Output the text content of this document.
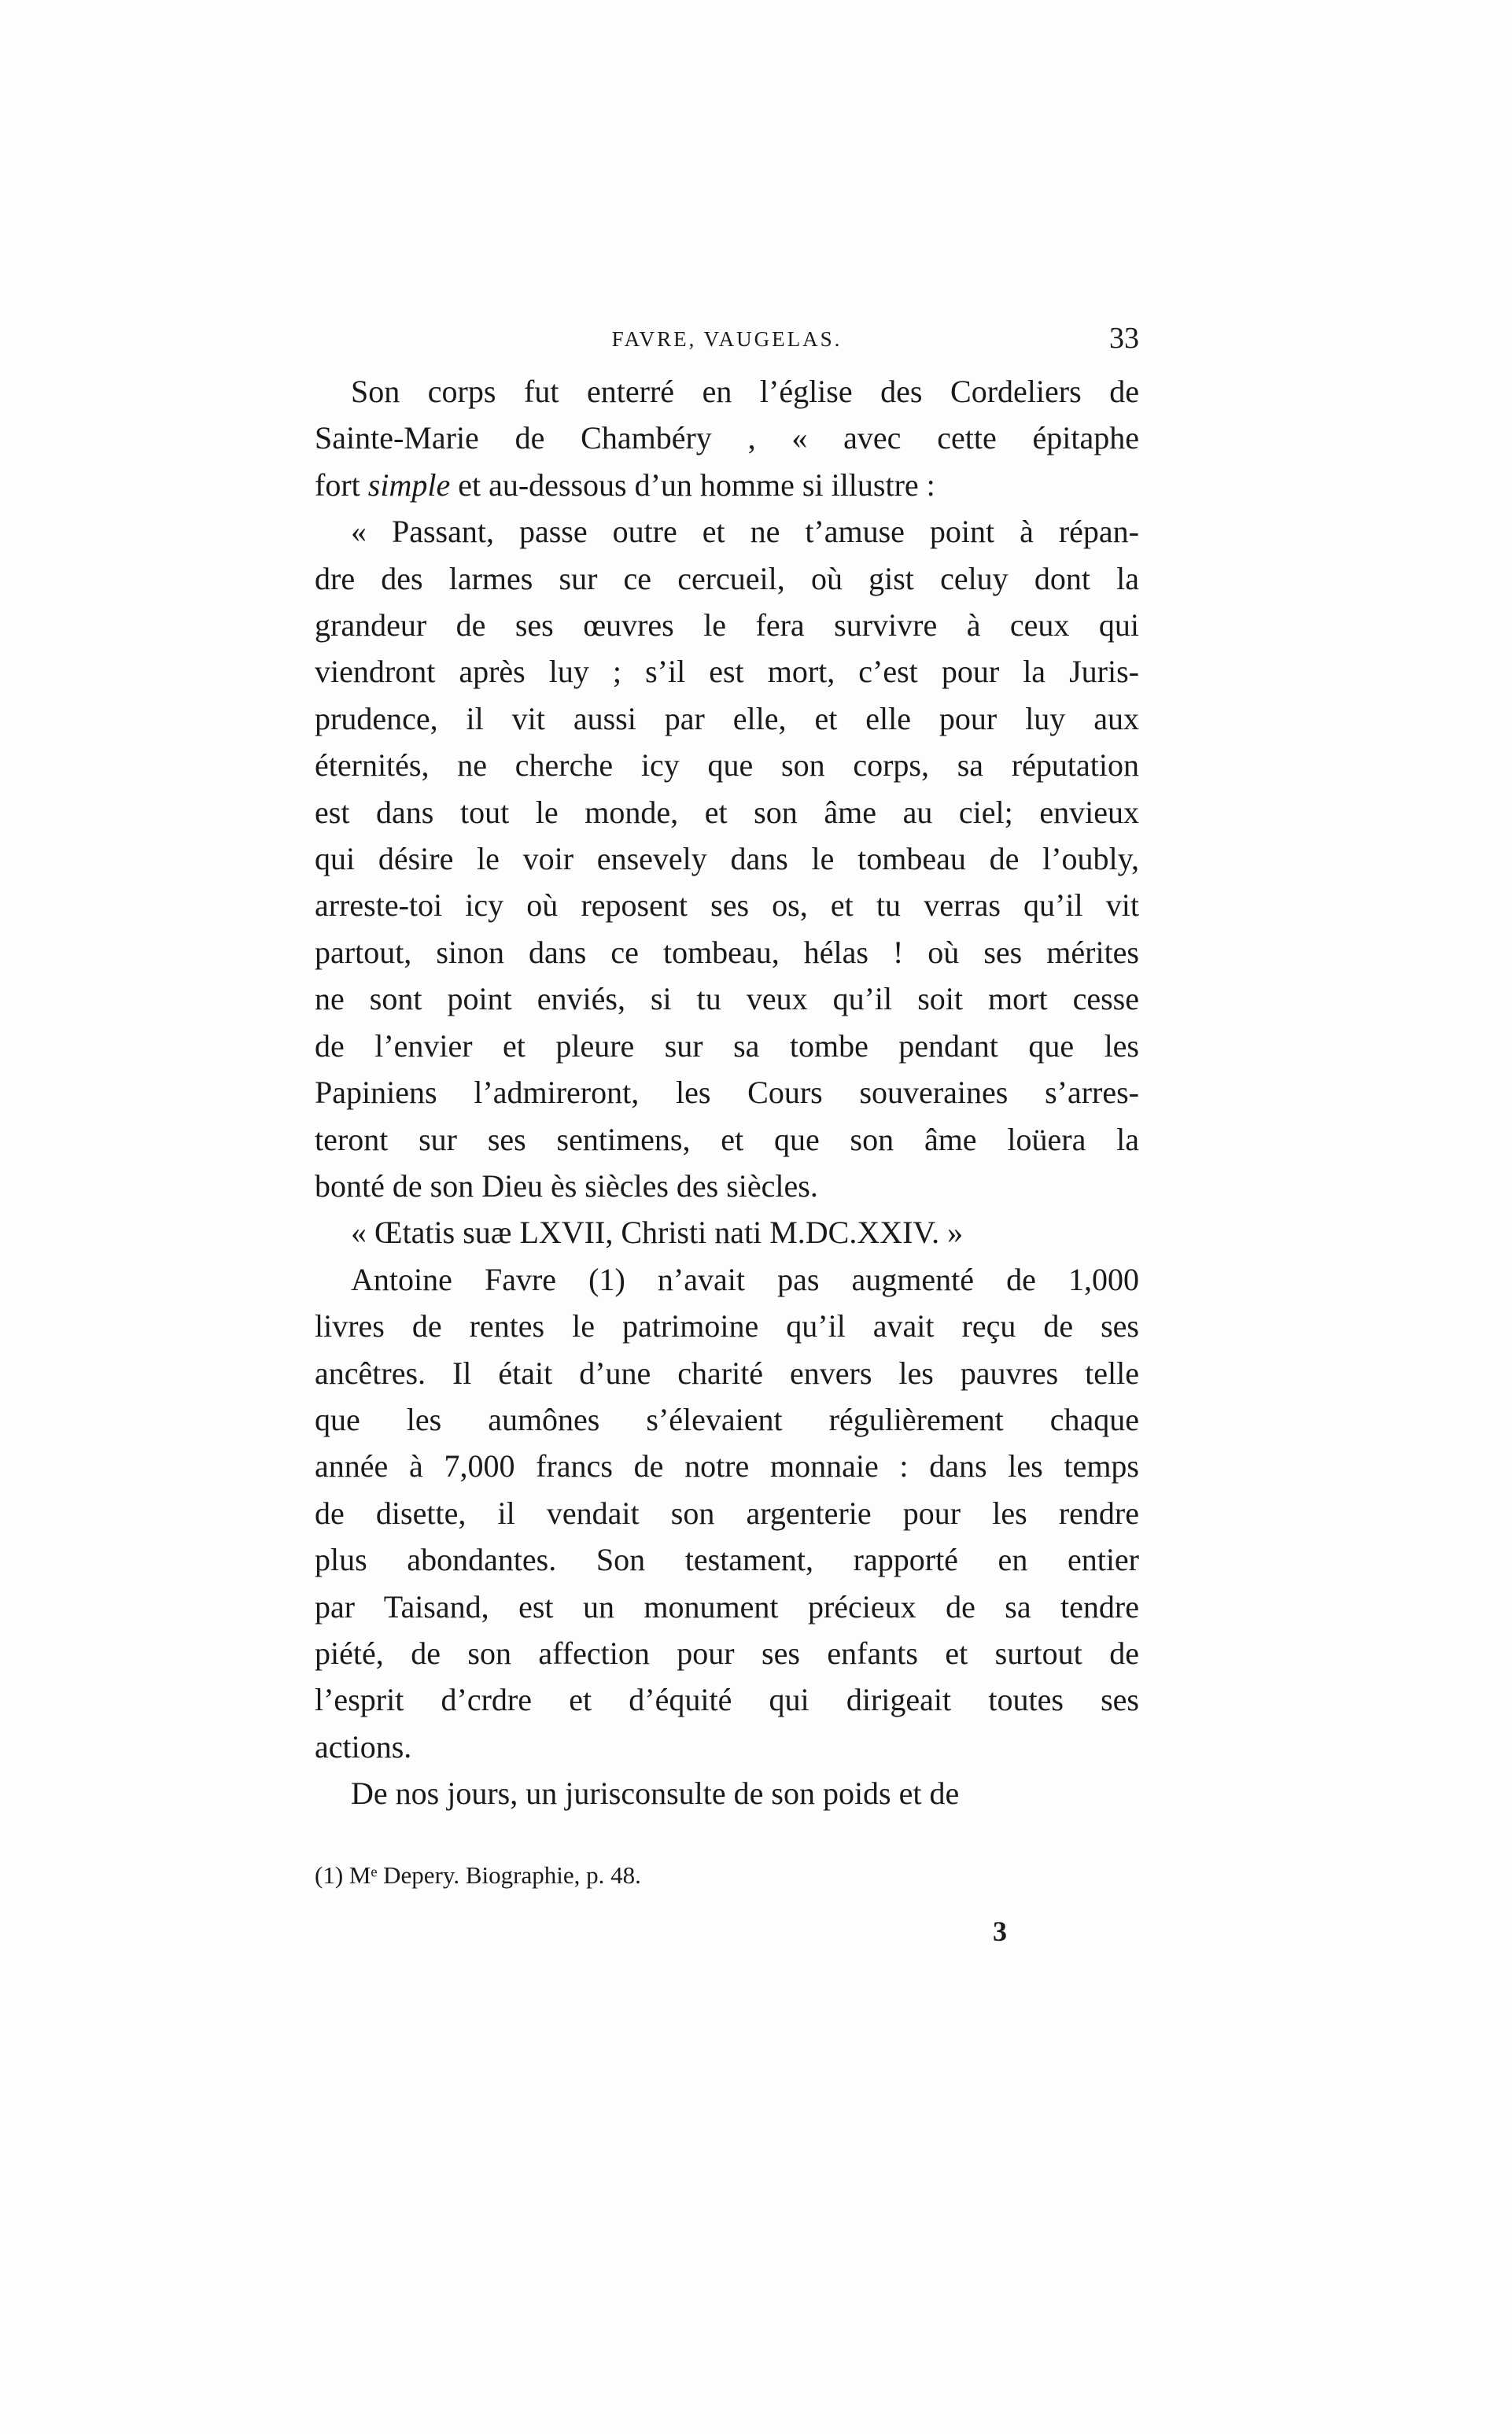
FAVRE, VAUGELAS.	33
Son corps fut enterré en l’église des Cordeliers de
Sainte-Marie de Chambéry , « avec cette épitaphe
fort simple et au-dessous d’un homme si illustre :
« Passant, passe outre et ne t’amuse point à répan-
dre des larmes sur ce cercueil, où gist celuy dont la
grandeur de ses œuvres le fera survivre à ceux qui
viendront après luy ; s’il est mort, c’est pour la Juris-
prudence, il vit aussi par elle, et elle pour luy aux
éternités, ne cherche icy que son corps, sa réputation
est dans tout le monde, et son âme au ciel; envieux
qui désire le voir ensevely dans le tombeau de l’oubly,
arreste-toi icy où reposent ses os, et tu verras qu’il vit
partout, sinon dans ce tombeau, hélas ! où ses mérites
ne sont point enviés, si tu veux qu’il soit mort cesse
de l’envier et pleure sur sa tombe pendant que les
Papiniens l’admireront, les Cours souveraines s’arres-
teront sur ses sentimens, et que son âme loüera la
bonté de son Dieu ès siècles des siècles.
« Œtatis suæ LXVII, Christi nati M.DC.XXIV. »
Antoine Favre (1) n’avait pas augmenté de 1,000
livres de rentes le patrimoine qu’il avait reçu de ses
ancêtres. Il était d’une charité envers les pauvres telle
que les aumônes s’élevaient régulièrement chaque
année à 7,000 francs de notre monnaie : dans les temps
de disette, il vendait son argenterie pour les rendre
plus abondantes. Son testament, rapporté en entier
par Taisand, est un monument précieux de sa tendre
piété, de son affection pour ses enfants et surtout de
l’esprit d’crdre et d’équité qui dirigeait toutes ses
actions.
De nos jours, un jurisconsulte de son poids et de
(1) Mᵉ Depery. Biographie, p. 48.
3
